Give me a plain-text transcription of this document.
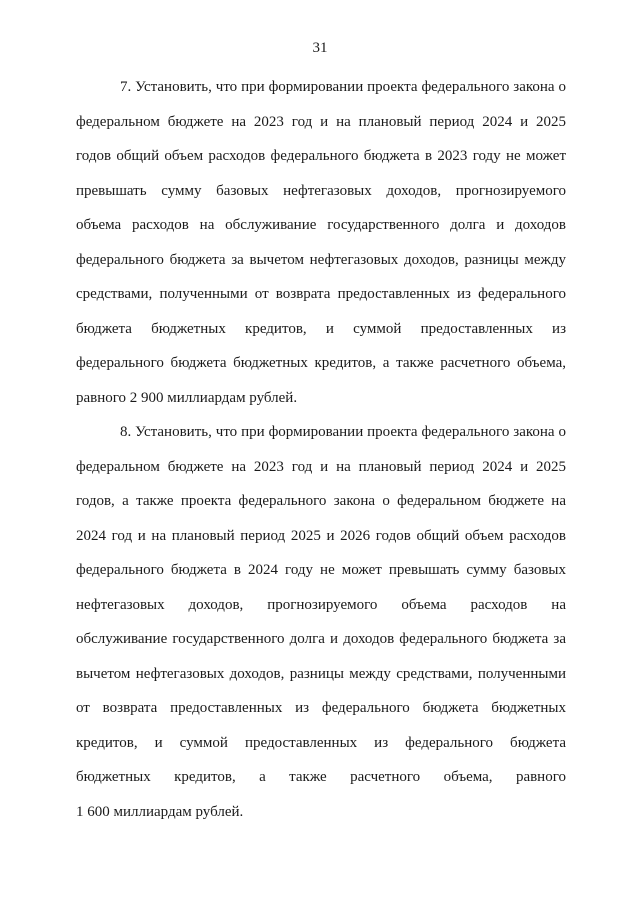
31
7. Установить, что при формировании проекта федерального закона о
федеральном бюджете на 2023 год и на плановый период 2024 и 2025
годов общий объем расходов федерального бюджета в 2023 году не может
превышать сумму базовых нефтегазовых доходов, прогнозируемого
объема расходов на обслуживание государственного долга и доходов
федерального бюджета за вычетом нефтегазовых доходов, разницы между
средствами, полученными от возврата предоставленных из федерального
бюджета бюджетных кредитов, и суммой предоставленных из
федерального бюджета бюджетных кредитов, а также расчетного объема,
равного 2 900 миллиардам рублей.
8. Установить, что при формировании проекта федерального закона о
федеральном бюджете на 2023 год и на плановый период 2024 и 2025
годов, а также проекта федерального закона о федеральном бюджете на
2024 год и на плановый период 2025 и 2026 годов общий объем расходов
федерального бюджета в 2024 году не может превышать сумму базовых
нефтегазовых доходов, прогнозируемого объема расходов на
обслуживание государственного долга и доходов федерального бюджета за
вычетом нефтегазовых доходов, разницы между средствами, полученными
от возврата предоставленных из федерального бюджета бюджетных
кредитов, и суммой предоставленных из федерального бюджета
бюджетных кредитов, а также расчетного объема, равного
1 600 миллиардам рублей.
